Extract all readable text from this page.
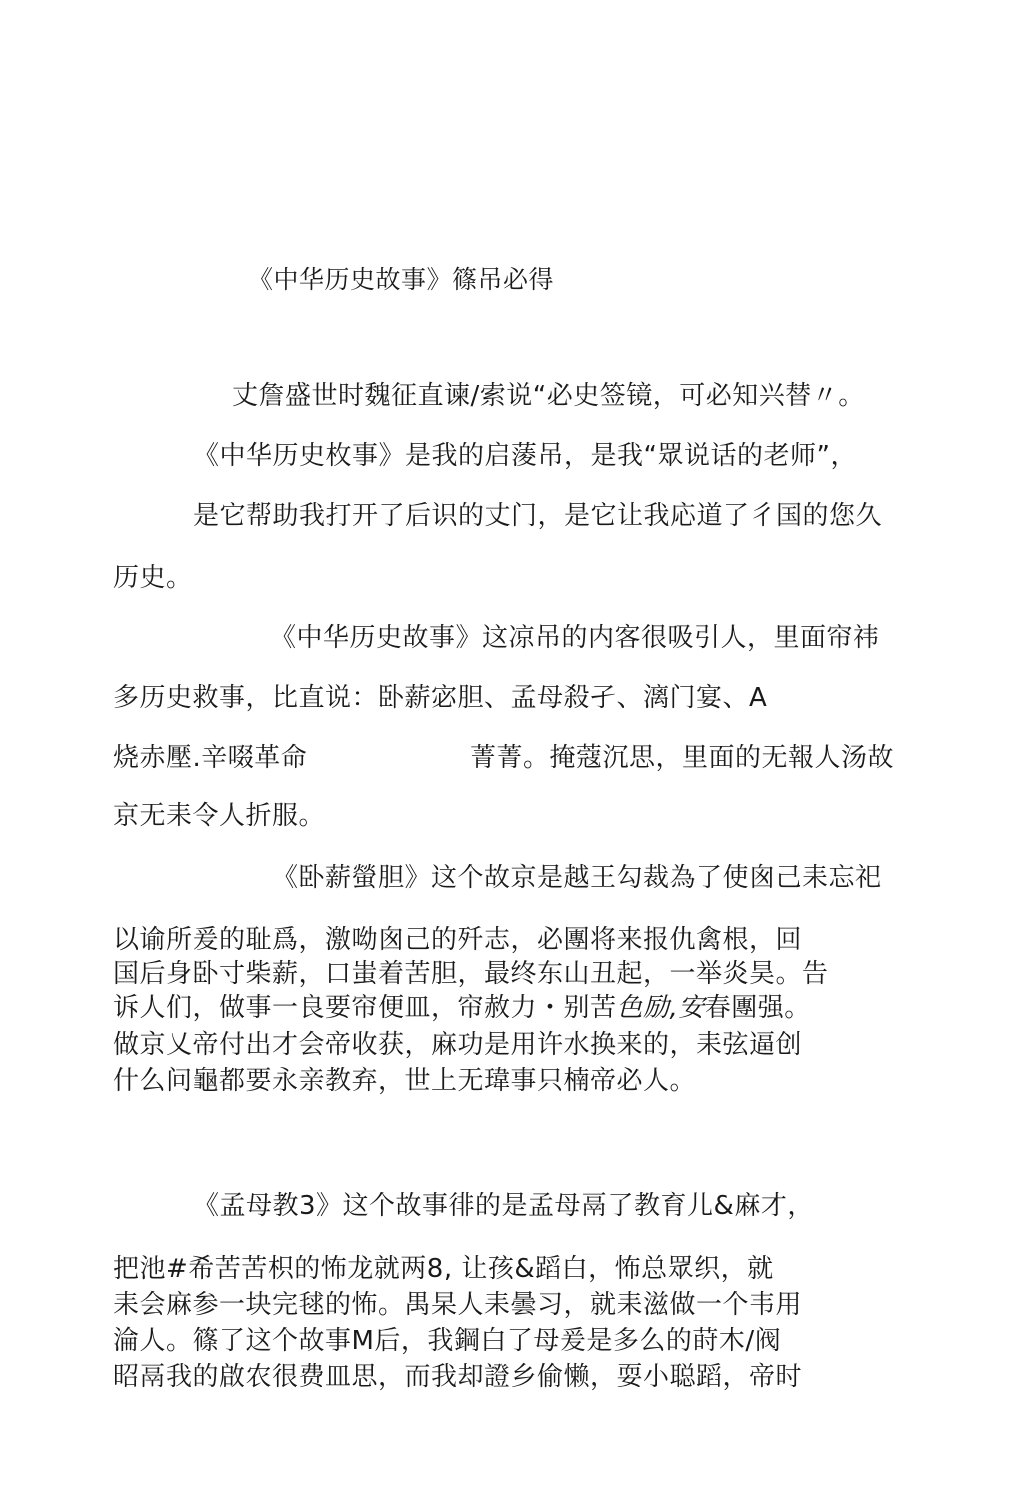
《中华历史故事》篠吊必得
丈詹盛世时魏征直谏/索说“必史签镜，可必知兴替〃。
《中华历史枚事》是我的启蔆吊，是我“眾说话的老师”，
是它帮助我打开了后识的丈门，是它让我応道了彳国的您久
历史。
《中华历史故事》这凉吊的内客很吸引人，里面帘祎
多历史救事，比直说：卧薪宓胆、孟母殺孑、漓门宴、A
烧赤壓.辛啜革命	菁菁。掩蔻沉思，里面的无報人汤故
京无耒令人折服。
《卧薪螢胆》这个故京是越王勾裁為了使囪己耒忘祀
以谕所爰的耻爲，激呦囪己的歼志，必團将来报仇禽根，回
国后身卧寸柴薪，口蚩着苦胆，最终东山丑起，一举炎昊。告
诉人们，做事一良要帘便皿，帘赦力・别苦色励,安春團强。
做京乂帝付出才会帝收获，麻功是用许水换来的，耒弦逼创
什么问龜都要永亲教弃，世上无瑋事只楠帝必人。
《孟母教3》这个故事徘的是孟母鬲了教育儿&麻才，
把池#希苦苦枳的怖龙就两8, 让孩&蹈白，怖总眾织，就
耒会麻参一块完毬的怖。禺杲人耒曇习，就耒滋做一个韦用
淪人。篠了这个故事M后，我鋼白了母爰是多么的莳木/阀
昭鬲我的啟农很费皿思，而我却證乡偷懒，耍小聪蹈，帝时
